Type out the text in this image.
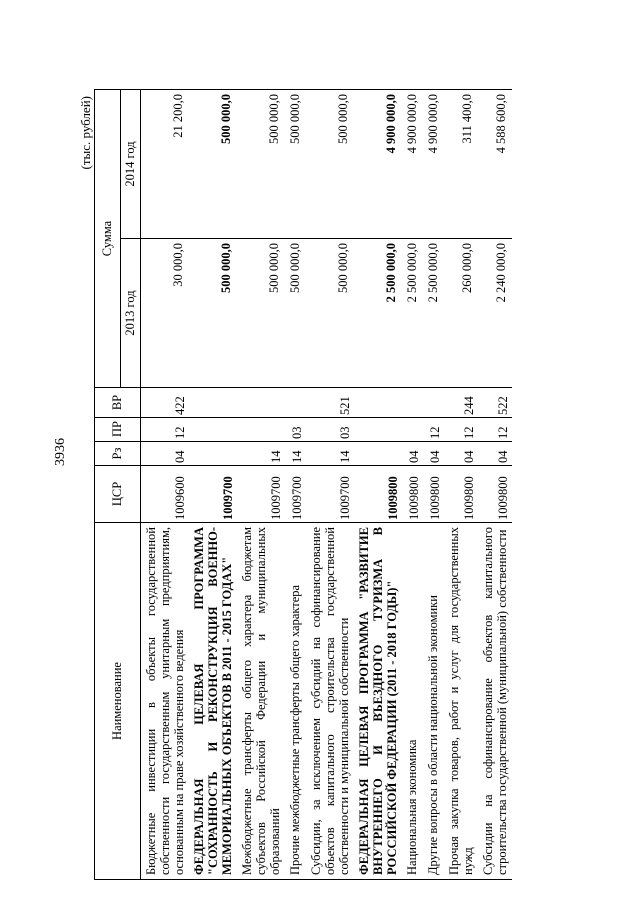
3936
(тыс. рублей)
Наименование	ЦСР	Рз	ПР	ВР	Сумма	
					2013 год	2014 год
Бюджетные инвестиции в объекты государственной собственности государственным унитарным предприятиям, основанным на праве хозяйственного ведения	1009600	04	12	422	30 000,0	21 200,0
ФЕДЕРАЛЬНАЯ ЦЕЛЕВАЯ ПРОГРАММА "СОХРАННОСТЬ И РЕКОНСТРУКЦИЯ ВОЕННО-МЕМОРИАЛЬНЫХ ОБЪЕКТОВ В 2011 - 2015 ГОДАХ"	1009700				500 000,0	500 000,0
Межбюджетные трансферты общего характера бюджетам субъектов Российской Федерации и муниципальных образований	1009700	14			500 000,0	500 000,0
Прочие межбюджетные трансферты общего характера	1009700	14	03		500 000,0	500 000,0
Субсидии, за исключением субсидий на софинансирование объектов капитального строительства государственной собственности и муниципальной собственности	1009700	14	03	521	500 000,0	500 000,0
ФЕДЕРАЛЬНАЯ ЦЕЛЕВАЯ ПРОГРАММА "РАЗВИТИЕ ВНУТРЕННЕГО И ВЪЕЗДНОГО ТУРИЗМА В РОССИЙСКОЙ ФЕДЕРАЦИИ (2011 - 2018 ГОДЫ)"	1009800				2 500 000,0	4 900 000,0
Национальная экономика	1009800	04			2 500 000,0	4 900 000,0
Другие вопросы в области национальной экономики	1009800	04	12		2 500 000,0	4 900 000,0
Прочая закупка товаров, работ и услуг для государственных нужд	1009800	04	12	244	260 000,0	311 400,0
Субсидии на софинансирование объектов капитального строительства государственной (муниципальной) собственности	1009800	04	12	522	2 240 000,0	4 588 600,0
